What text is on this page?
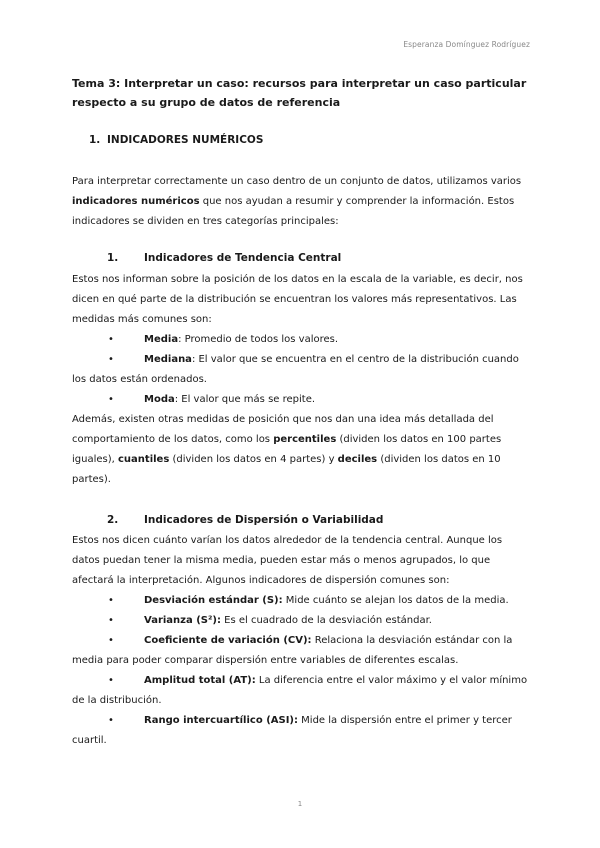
Esperanza Domínguez Rodríguez
Tema 3: Interpretar un caso: recursos para interpretar un caso particular respecto a su grupo de datos de referencia
1. INDICADORES NUMÉRICOS
Para interpretar correctamente un caso dentro de un conjunto de datos, utilizamos varios indicadores numéricos que nos ayudan a resumir y comprender la información. Estos indicadores se dividen en tres categorías principales:
1. Indicadores de Tendencia Central
Estos nos informan sobre la posición de los datos en la escala de la variable, es decir, nos dicen en qué parte de la distribución se encuentran los valores más representativos. Las medidas más comunes son:
•	Media: Promedio de todos los valores.
•	Mediana: El valor que se encuentra en el centro de la distribución cuando
los datos están ordenados.
•	Moda: El valor que más se repite.
Además, existen otras medidas de posición que nos dan una idea más detallada del comportamiento de los datos, como los percentiles (dividen los datos en 100 partes iguales), cuantiles (dividen los datos en 4 partes) y deciles (dividen los datos en 10 partes).
2. Indicadores de Dispersión o Variabilidad
Estos nos dicen cuánto varían los datos alrededor de la tendencia central. Aunque los datos puedan tener la misma media, pueden estar más o menos agrupados, lo que afectará la interpretación. Algunos indicadores de dispersión comunes son:
•	Desviación estándar (S): Mide cuánto se alejan los datos de la media.
•	Varianza (S²): Es el cuadrado de la desviación estándar.
•	Coeficiente de variación (CV): Relaciona la desviación estándar con la
media para poder comparar dispersión entre variables de diferentes escalas.
•	Amplitud total (AT): La diferencia entre el valor máximo y el valor mínimo
de la distribución.
•	Rango intercuartílico (ASI): Mide la dispersión entre el primer y tercer
cuartil.
1
